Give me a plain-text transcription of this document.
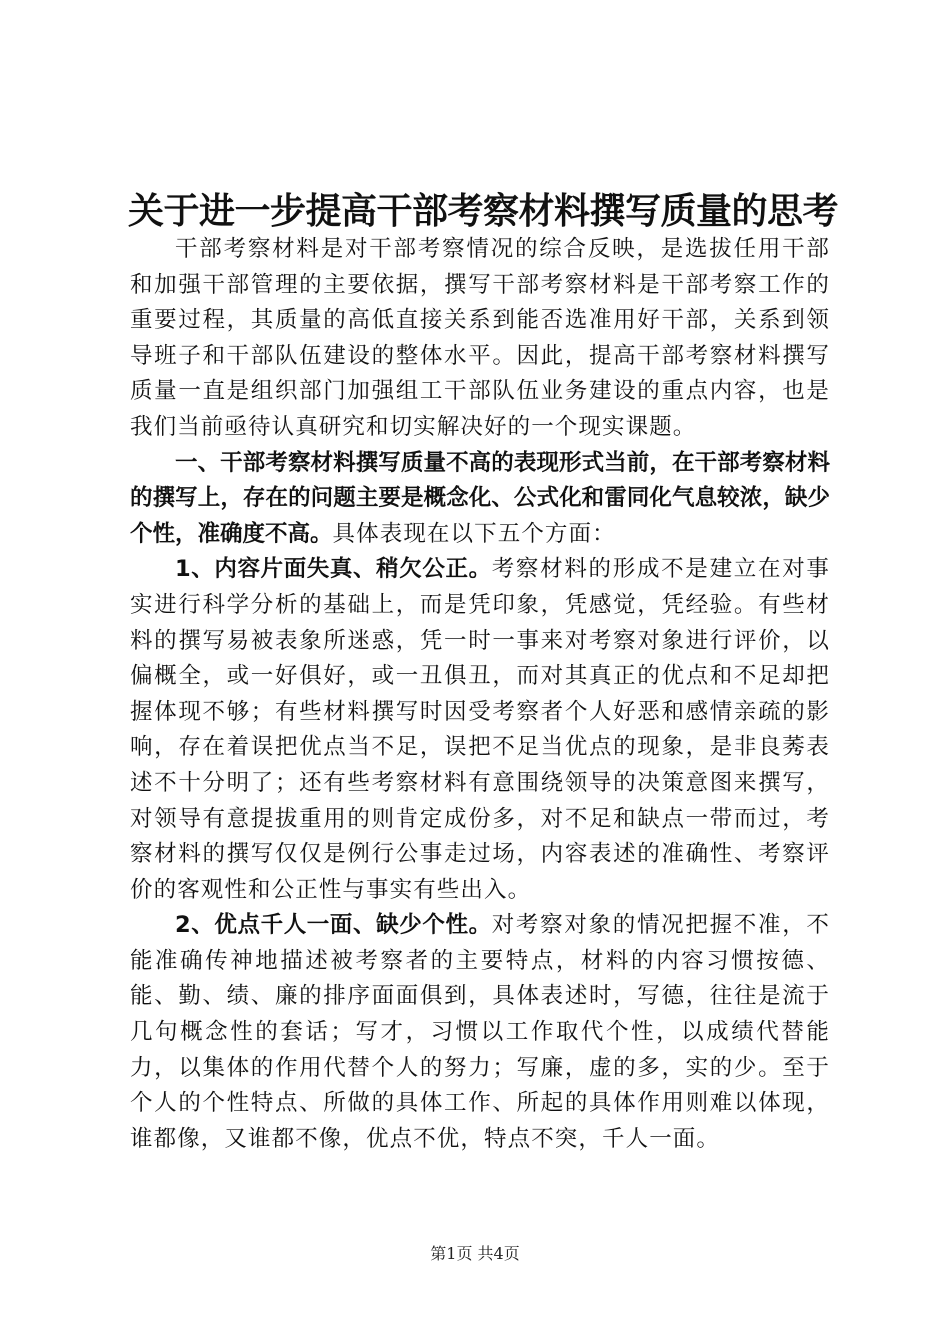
关于进一步提高干部考察材料撰写质量的思考

干部考察材料是对干部考察情况的综合反映，是选拔任用干部和加强干部管理的主要依据，撰写干部考察材料是干部考察工作的重要过程，其质量的高低直接关系到能否选准用好干部，关系到领导班子和干部队伍建设的整体水平。因此，提高干部考察材料撰写质量一直是组织部门加强组工干部队伍业务建设的重点内容，也是我们当前亟待认真研究和切实解决好的一个现实课题。

一、干部考察材料撰写质量不高的表现形式当前，在干部考察材料的撰写上，存在的问题主要是概念化、公式化和雷同化气息较浓，缺少个性，准确度不高。具体表现在以下五个方面：

1、内容片面失真、稍欠公正。考察材料的形成不是建立在对事实进行科学分析的基础上，而是凭印象，凭感觉，凭经验。有些材料的撰写易被表象所迷惑，凭一时一事来对考察对象进行评价，以偏概全，或一好俱好，或一丑俱丑，而对其真正的优点和不足却把握体现不够；有些材料撰写时因受考察者个人好恶和感情亲疏的影响，存在着误把优点当不足，误把不足当优点的现象，是非良莠表述不十分明了；还有些考察材料有意围绕领导的决策意图来撰写，对领导有意提拔重用的则肯定成份多，对不足和缺点一带而过，考察材料的撰写仅仅是例行公事走过场，内容表述的准确性、考察评价的客观性和公正性与事实有些出入。

2、优点千人一面、缺少个性。对考察对象的情况把握不准，不能准确传神地描述被考察者的主要特点，材料的内容习惯按德、能、勤、绩、廉的排序面面俱到，具体表述时，写德，往往是流于几句概念性的套话；写才，习惯以工作取代个性，以成绩代替能力，以集体的作用代替个人的努力；写廉，虚的多，实的少。至于个人的个性特点、所做的具体工作、所起的具体作用则难以体现，谁都像，又谁都不像，优点不优，特点不突，千人一面。

第1页 共4页
